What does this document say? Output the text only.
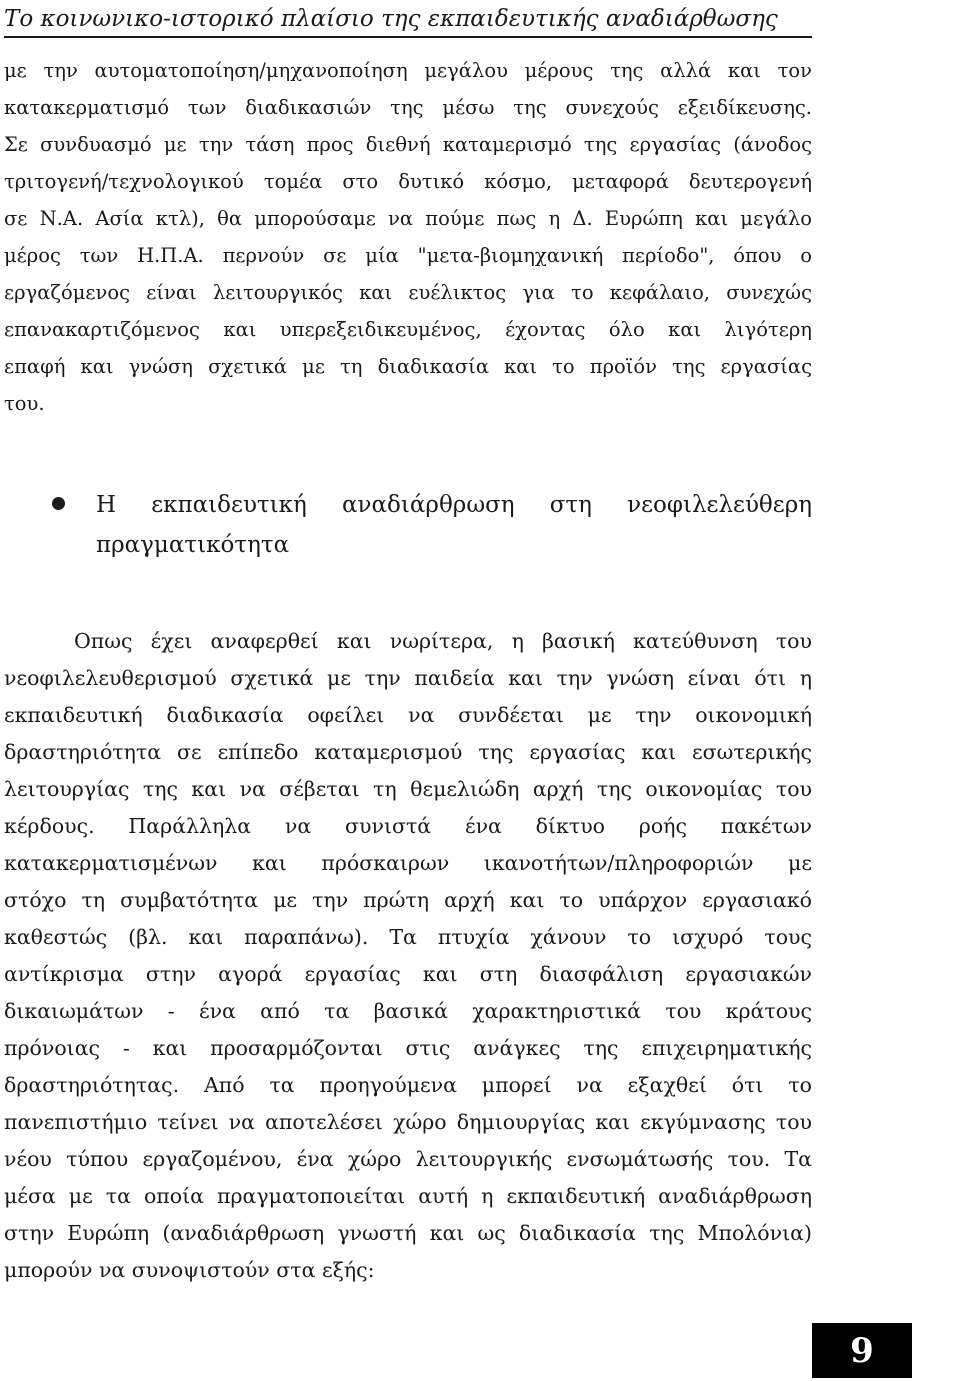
Το κοινωνικο-ιστορικό πλαίσιο της εκπαιδευτικής αναδιάρθωσης
με την αυτοματοποίηση/μηχανοποίηση μεγάλου μέρους της αλλά και τον
κατακερματισμό των διαδικασιών της μέσω της συνεχούς εξειδίκευσης.
Σε συνδυασμό με την τάση προς διεθνή καταμερισμό της εργασίας (άνοδος
τριτογενή/τεχνολογικού τομέα στο δυτικό κόσμο, μεταφορά δευτερογενή
σε Ν.Α. Ασία κτλ), θα μπορούσαμε να πούμε πως η Δ. Ευρώπη και μεγάλο
μέρος των Η.Π.Α. περνούν σε μία "μετα-βιομηχανική περίοδο", όπου ο
εργαζόμενος είναι λειτουργικός και ευέλικτος για το κεφάλαιο, συνεχώς
επανακαρτιζόμενος και υπερεξειδικευμένος, έχοντας όλο και λιγότερη
επαφή και γνώση σχετικά με τη διαδικασία και το προϊόν της εργασίας
του.
Η εκπαιδευτική αναδιάρθρωση στη νεοφιλελεύθερη
πραγματικότητα
Οπως έχει αναφερθεί και νωρίτερα, η βασική κατεύθυνση του
νεοφιλελευθερισμού σχετικά με την παιδεία και την γνώση είναι ότι η
εκπαιδευτική διαδικασία οφείλει να συνδέεται με την οικονομική
δραστηριότητα σε επίπεδο καταμερισμού της εργασίας και εσωτερικής
λειτουργίας της και να σέβεται τη θεμελιώδη αρχή της οικονομίας του
κέρδους. Παράλληλα να συνιστά ένα δίκτυο ροής πακέτων
κατακερματισμένων και πρόσκαιρων ικανοτήτων/πληροφοριών με
στόχο τη συμβατότητα με την πρώτη αρχή και το υπάρχον εργασιακό
καθεστώς (βλ. και παραπάνω). Τα πτυχία χάνουν το ισχυρό τους
αντίκρισμα στην αγορά εργασίας και στη διασφάλιση εργασιακών
δικαιωμάτων - ένα από τα βασικά χαρακτηριστικά του κράτους
πρόνοιας - και προσαρμόζονται στις ανάγκες της επιχειρηματικής
δραστηριότητας. Από τα προηγούμενα μπορεί να εξαχθεί ότι το
πανεπιστήμιο τείνει να αποτελέσει χώρο δημιουργίας και εκγύμνασης του
νέου τύπου εργαζομένου, ένα χώρο λειτουργικής ενσωμάτωσής του. Τα
μέσα με τα οποία πραγματοποιείται αυτή η εκπαιδευτική αναδιάρθρωση
στην Ευρώπη (αναδιάρθρωση γνωστή και ως διαδικασία της Μπολόνια)
μπορούν να συνοψιστούν στα εξής:
9
